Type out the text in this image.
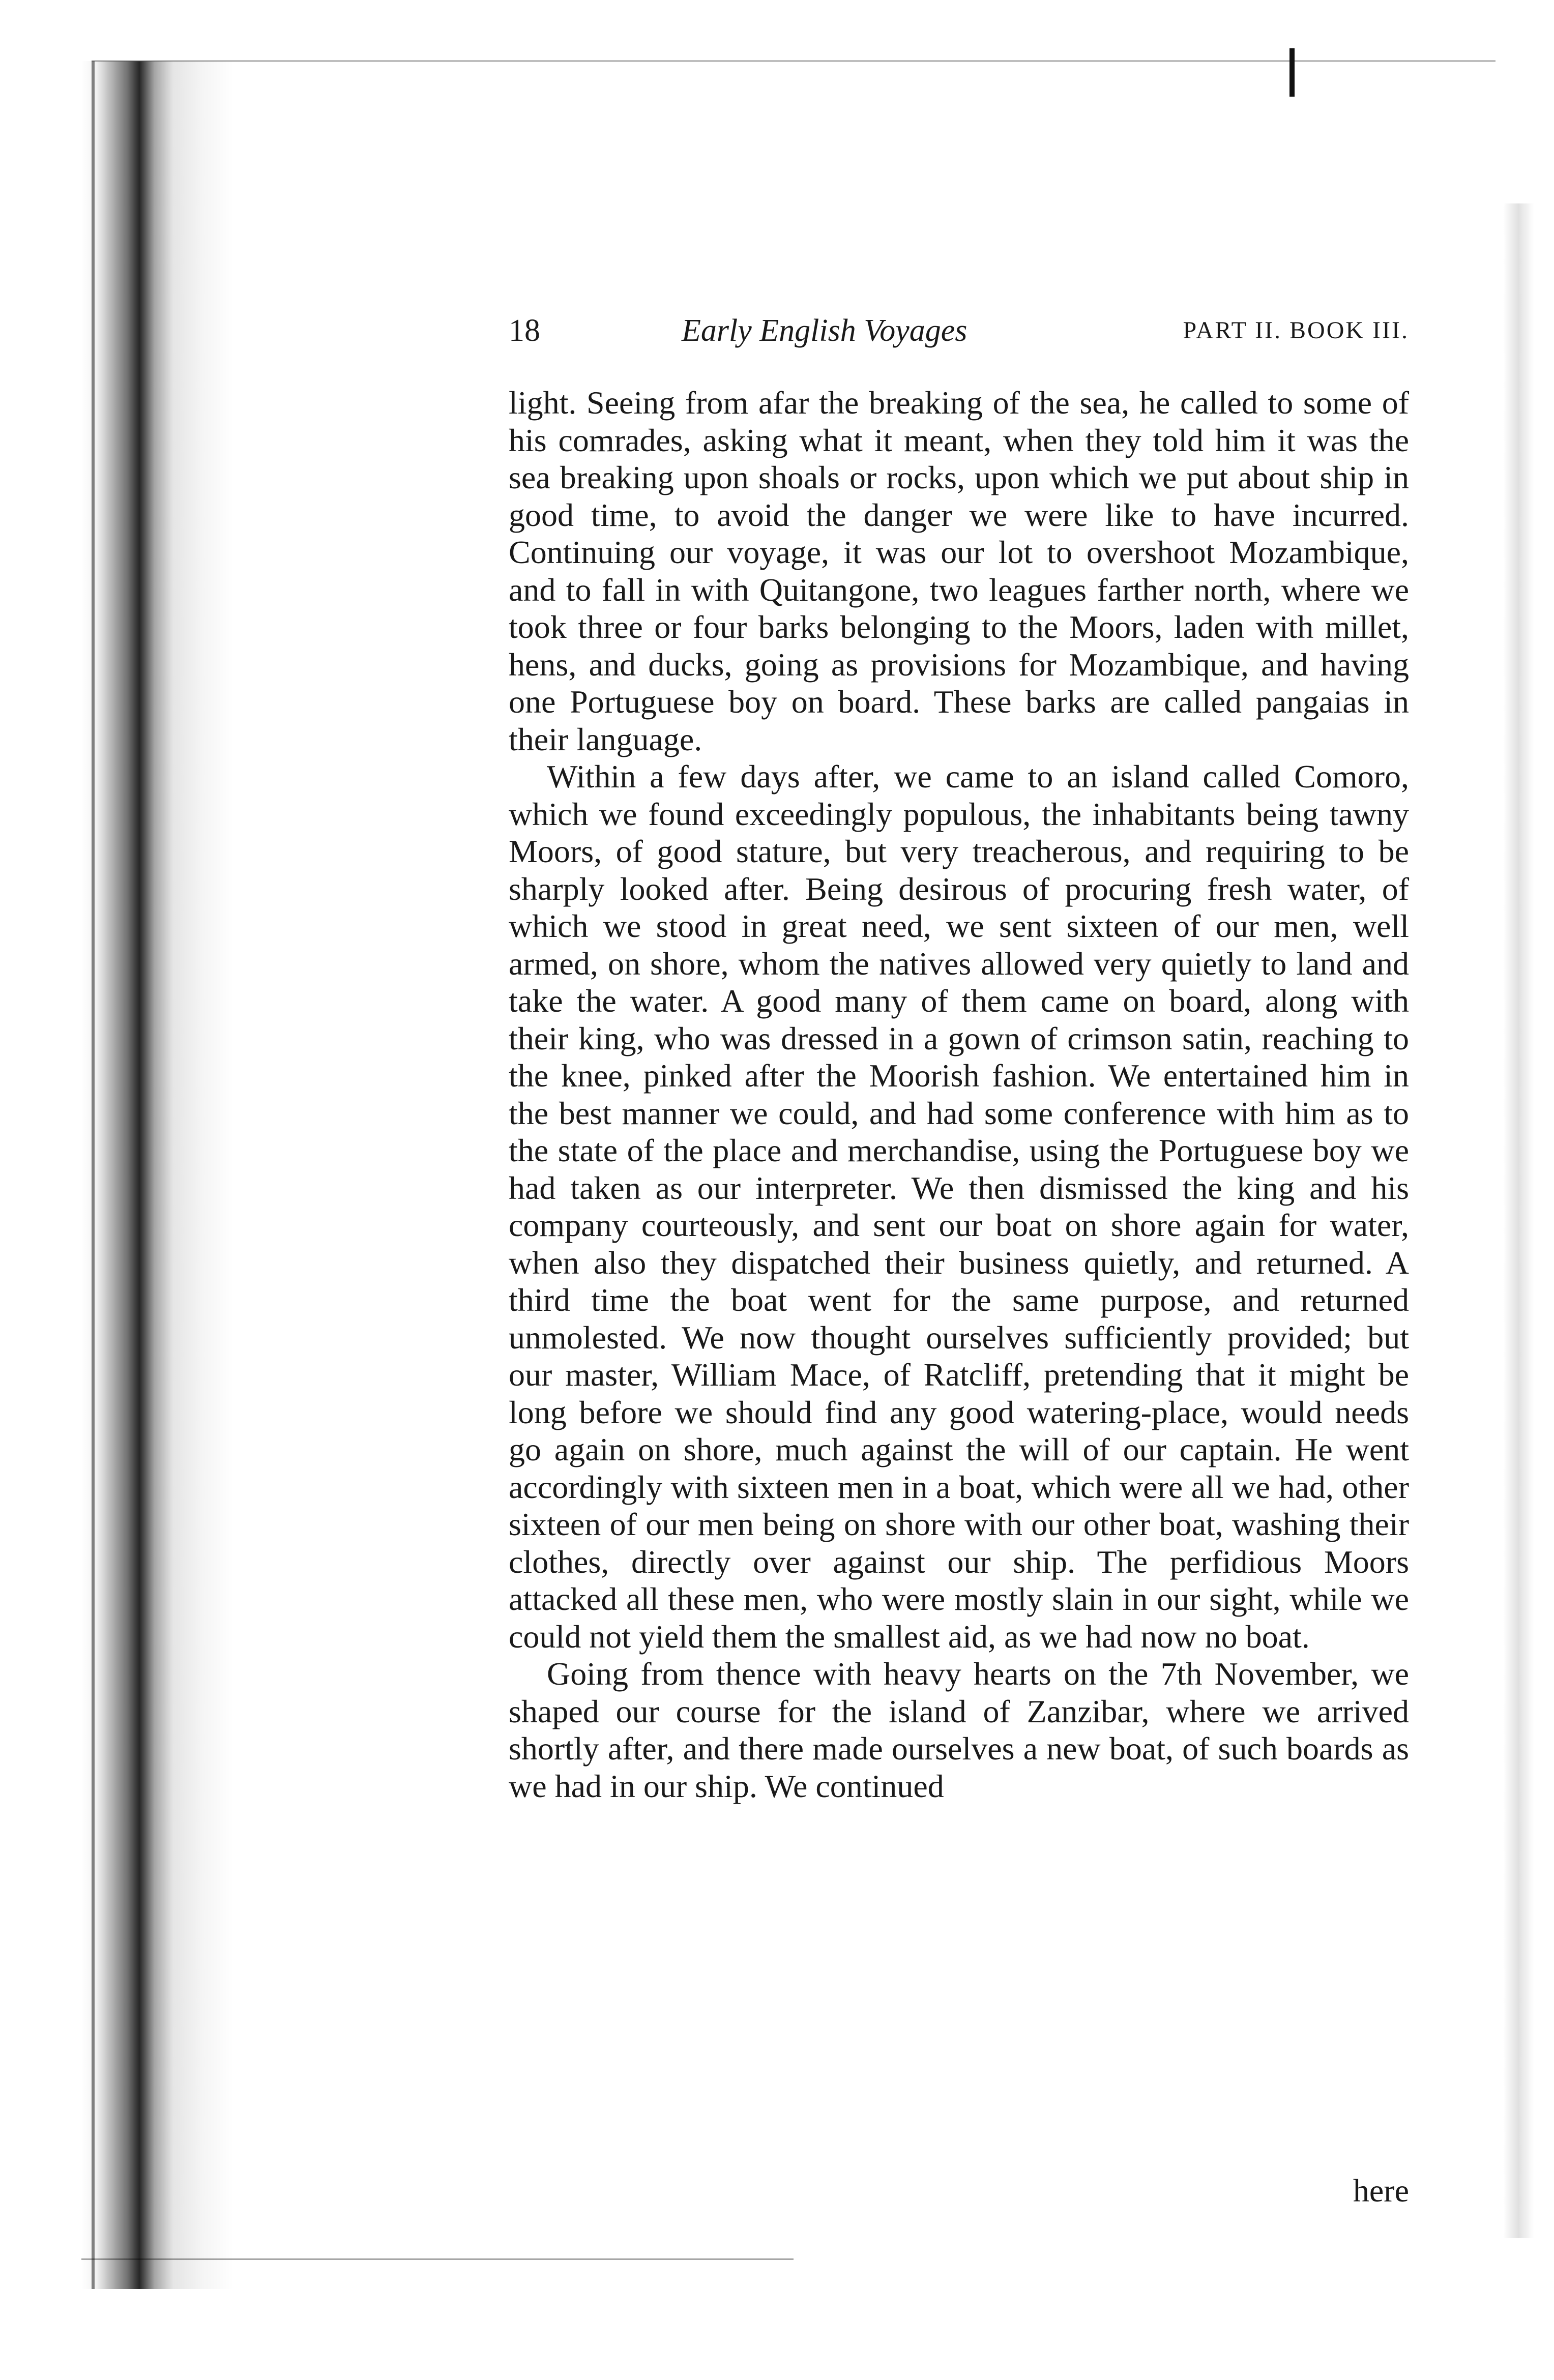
18	Early English Voyages	PART II. BOOK III.

light. Seeing from afar the breaking of the sea, he called to some of his comrades, asking what it meant, when they told him it was the sea breaking upon shoals or rocks, upon which we put about ship in good time, to avoid the danger we were like to have incurred. Continuing our voyage, it was our lot to overshoot Mozambique, and to fall in with Quitangone, two leagues farther north, where we took three or four barks belonging to the Moors, laden with millet, hens, and ducks, going as provisions for Mozambique, and having one Portuguese boy on board. These barks are called pangaias in their language.

Within a few days after, we came to an island called Comoro, which we found exceedingly populous, the inhabitants being tawny Moors, of good stature, but very treacherous, and requiring to be sharply looked after. Being desirous of procuring fresh water, of which we stood in great need, we sent sixteen of our men, well armed, on shore, whom the natives allowed very quietly to land and take the water. A good many of them came on board, along with their king, who was dressed in a gown of crimson satin, reaching to the knee, pinked after the Moorish fashion. We entertained him in the best manner we could, and had some conference with him as to the state of the place and merchandise, using the Portuguese boy we had taken as our interpreter. We then dismissed the king and his company courteously, and sent our boat on shore again for water, when also they dispatched their business quietly, and returned. A third time the boat went for the same purpose, and returned unmolested. We now thought ourselves sufficiently provided; but our master, William Mace, of Ratcliff, pretending that it might be long before we should find any good watering-place, would needs go again on shore, much against the will of our captain. He went accordingly with sixteen men in a boat, which were all we had, other sixteen of our men being on shore with our other boat, washing their clothes, directly over against our ship. The perfidious Moors attacked all these men, who were mostly slain in our sight, while we could not yield them the smallest aid, as we had now no boat.

Going from thence with heavy hearts on the 7th November, we shaped our course for the island of Zanzibar, where we arrived shortly after, and there made ourselves a new boat, of such boards as we had in our ship. We continued

here
